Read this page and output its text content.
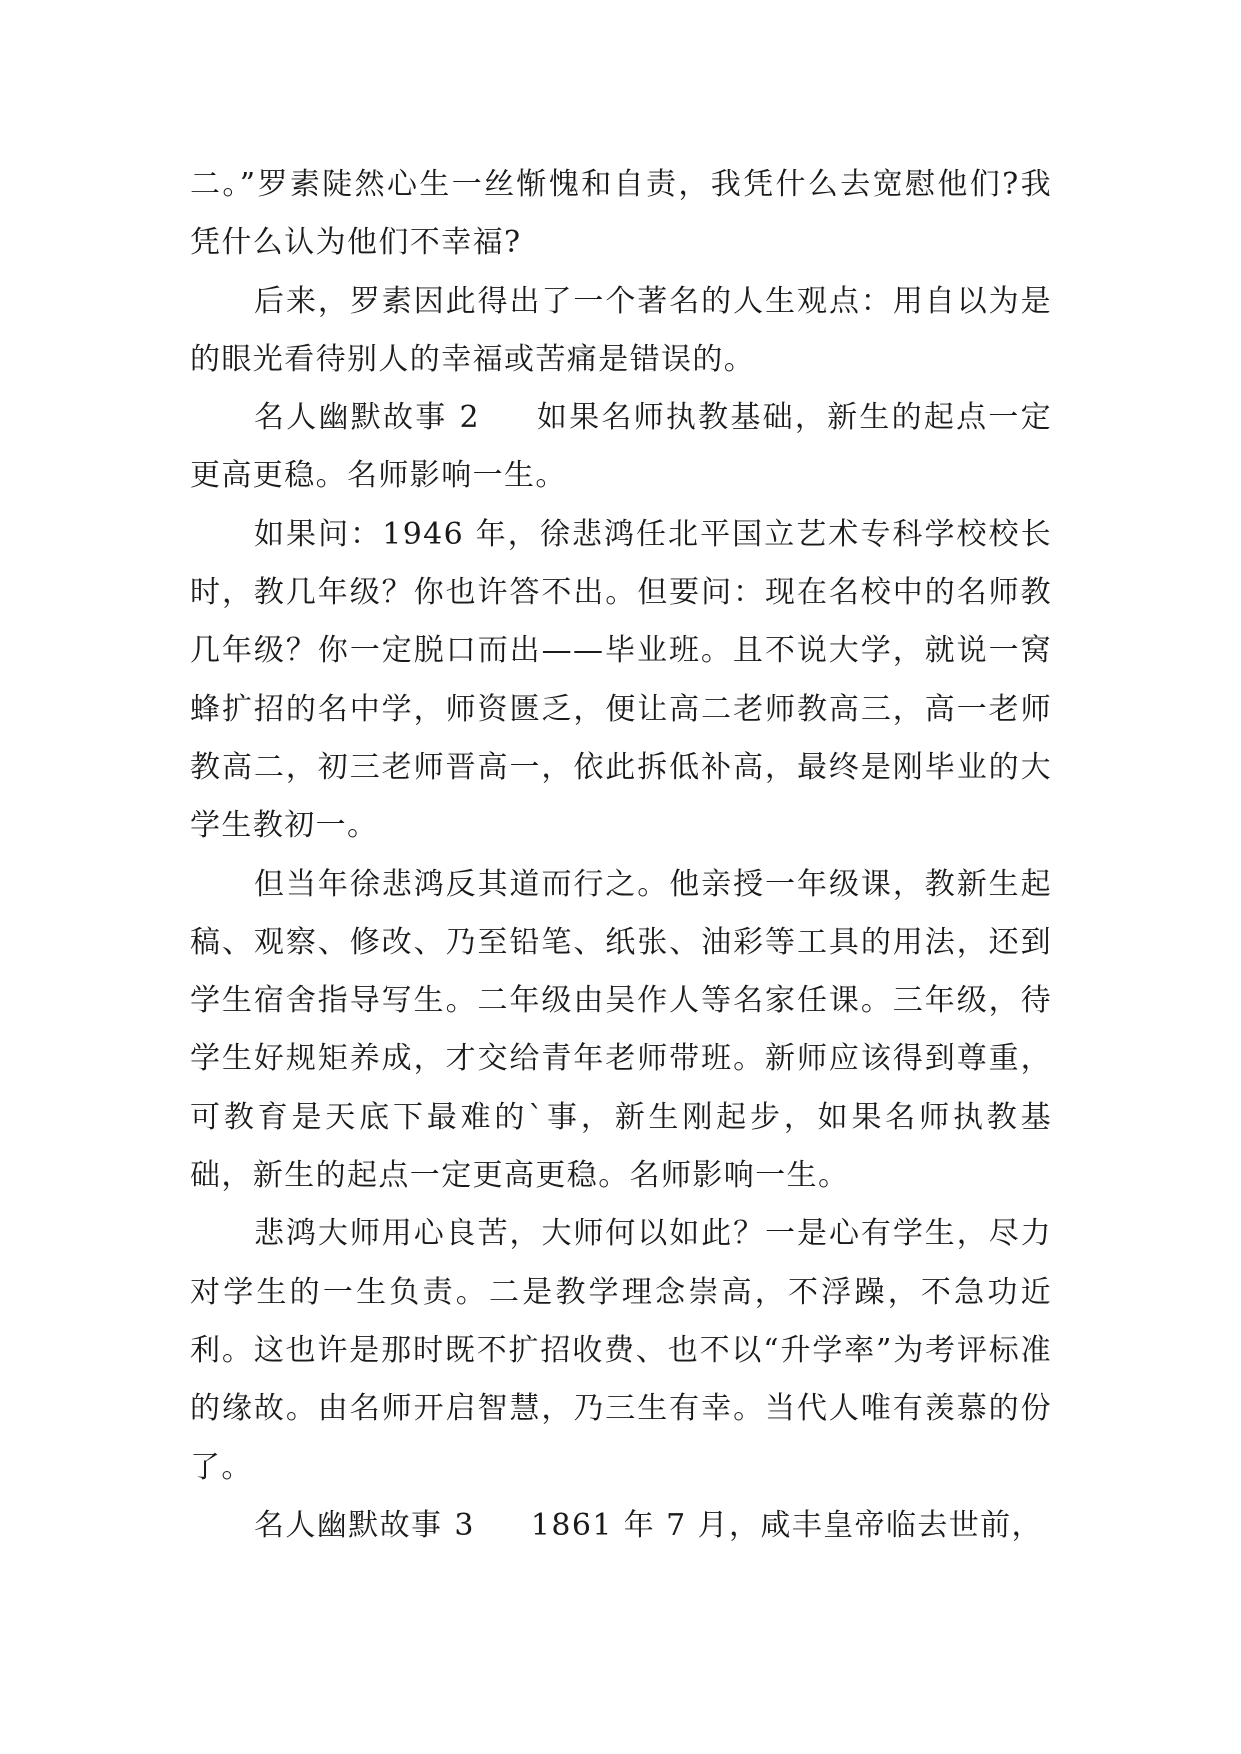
二。”罗素陡然心生一丝惭愧和自责，我凭什么去宽慰他们?我凭什么认为他们不幸福?

后来，罗素因此得出了一个著名的人生观点：用自以为是的眼光看待别人的幸福或苦痛是错误的。

名人幽默故事 2 如果名师执教基础，新生的起点一定更高更稳。名师影响一生。

如果问：1946 年，徐悲鸿任北平国立艺术专科学校校长时，教几年级？你也许答不出。但要问：现在名校中的名师教几年级？你一定脱口而出——毕业班。且不说大学，就说一窝蜂扩招的名中学，师资匮乏，便让高二老师教高三，高一老师教高二，初三老师晋高一，依此拆低补高，最终是刚毕业的大学生教初一。

但当年徐悲鸿反其道而行之。他亲授一年级课，教新生起稿、观察、修改、乃至铅笔、纸张、油彩等工具的用法，还到学生宿舍指导写生。二年级由吴作人等名家任课。三年级，待学生好规矩养成，才交给青年老师带班。新师应该得到尊重，可教育是天底下最难的`事，新生刚起步，如果名师执教基础，新生的起点一定更高更稳。名师影响一生。

悲鸿大师用心良苦，大师何以如此？一是心有学生，尽力对学生的一生负责。二是教学理念崇高，不浮躁，不急功近利。这也许是那时既不扩招收费、也不以“升学率”为考评标准的缘故。由名师开启智慧，乃三生有幸。当代人唯有羡慕的份了。

名人幽默故事 3 1861 年 7 月，咸丰皇帝临去世前，
